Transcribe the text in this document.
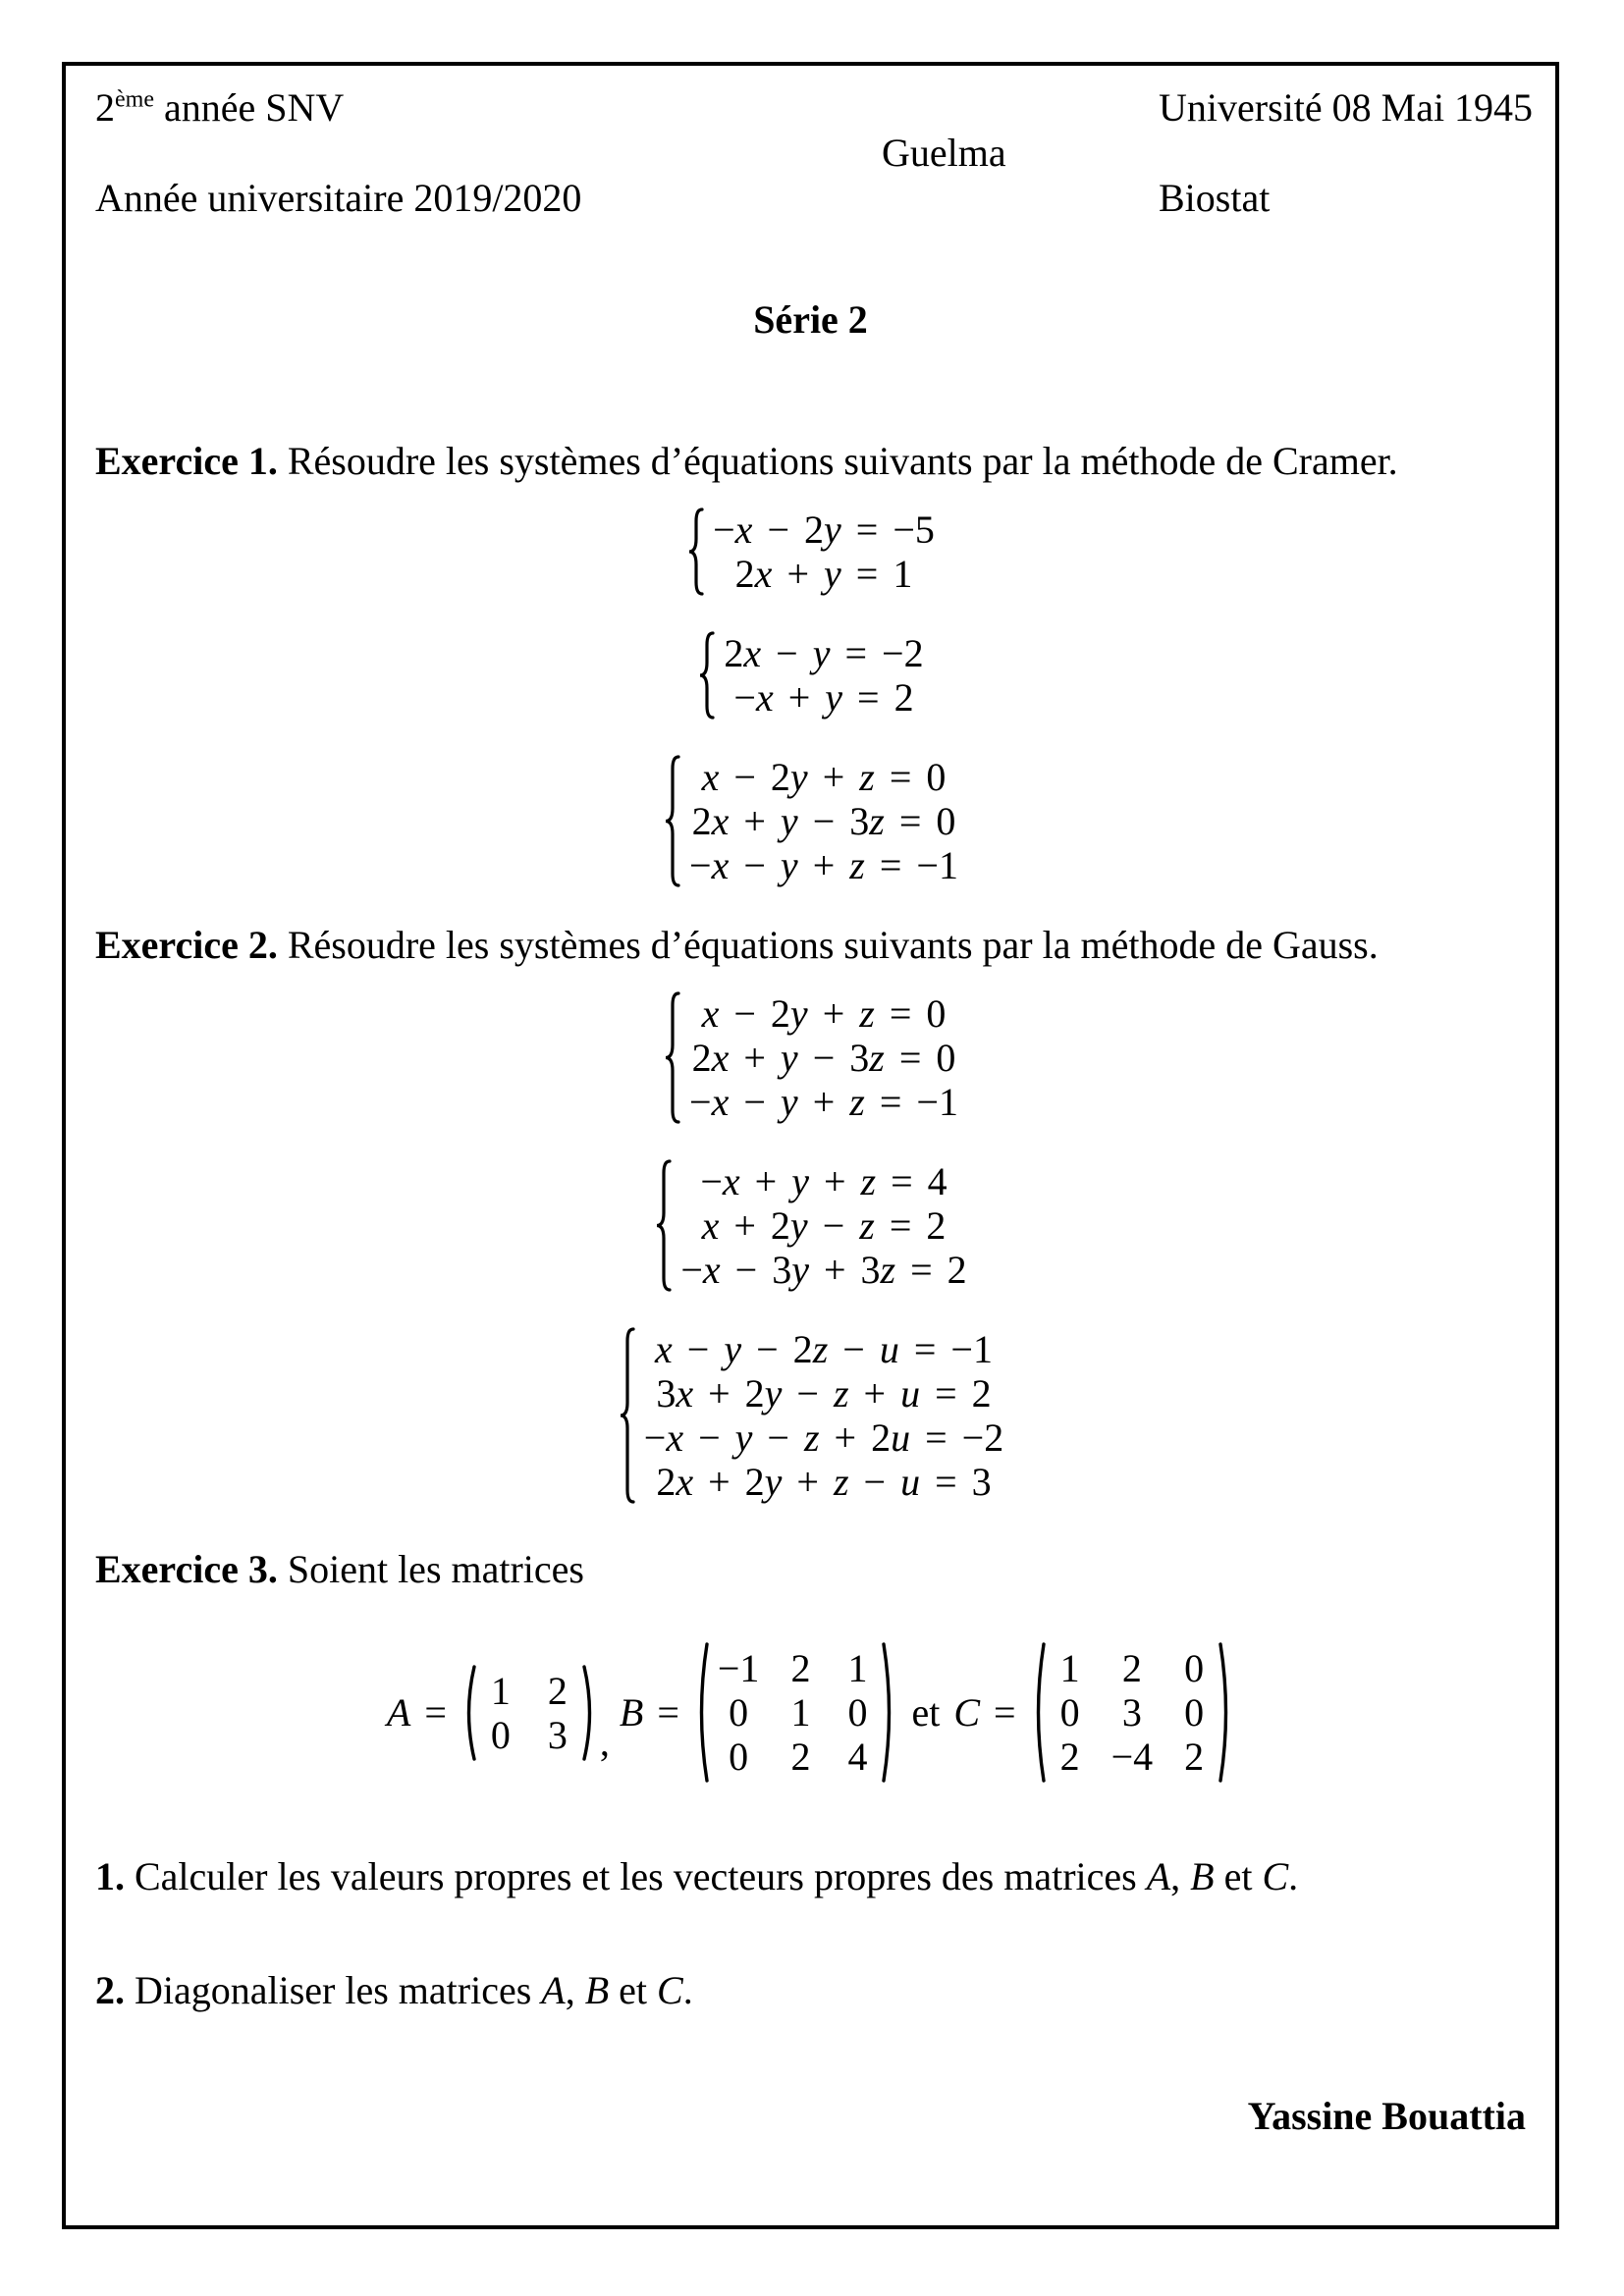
2ème année SNV	Université 08 Mai 1945
Guelma
Année universitaire 2019/2020	Biostat
Série 2

Exercice 1. Résoudre les systèmes d’équations suivants par la méthode de Cramer.

−x − 2y = −5
2x + y = 1
2x − y = −2
−x + y = 2
x − 2y + z = 0
2x + y − 3z = 0
−x − y + z = −1

Exercice 2. Résoudre les systèmes d’équations suivants par la méthode de Gauss.

x − 2y + z = 0
2x + y − 3z = 0
−x − y + z = −1
−x + y + z = 4
x + 2y − z = 2
−x − 3y + 3z = 2
x − y − 2z − u = −1
3x + 2y − z + u = 2
−x − y − z + 2u = −2
2x + 2y + z − u = 3

Exercice 3. Soient les matrices

A = 1 2
0 3 ,
B =
−1 2 1
0 1 0
0 2 4
et C =
1 2 0
0 3 0
2 −4 2

1. Calculer les valeurs propres et les vecteurs propres des matrices A, B et C.

2. Diagonaliser les matrices A, B et C.

Yassine Bouattia
